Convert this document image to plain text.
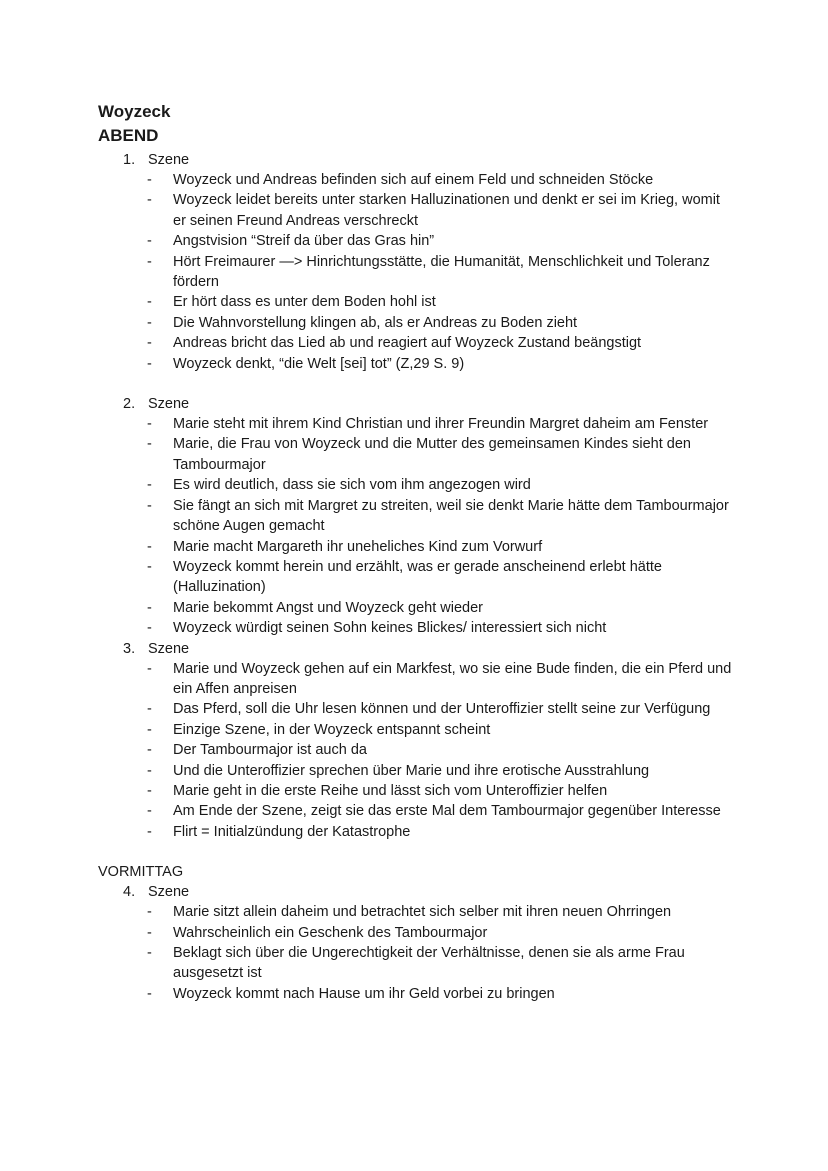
Woyzeck
ABEND
1. Szene
- Woyzeck und Andreas befinden sich auf einem Feld und schneiden Stöcke
- Woyzeck leidet bereits unter starken Halluzinationen und denkt er sei im Krieg, womit er seinen Freund Andreas verschreckt
- Angstvision “Streif da über das Gras hin”
- Hört Freimaurer —> Hinrichtungsstätte, die Humanität, Menschlichkeit und Toleranz fördern
- Er hört dass es unter dem Boden hohl ist
- Die Wahnvorstellung klingen ab, als er Andreas zu Boden zieht
- Andreas bricht das Lied ab und reagiert auf Woyzeck Zustand beängstigt
- Woyzeck denkt, “die Welt [sei] tot” (Z,29 S. 9)
2. Szene
- Marie steht mit ihrem Kind Christian und ihrer Freundin Margret daheim am Fenster
- Marie, die Frau von Woyzeck und die Mutter des gemeinsamen Kindes sieht den Tambourmajor
- Es wird deutlich, dass sie sich vom ihm angezogen wird
- Sie fängt an sich mit Margret zu streiten, weil sie denkt Marie hätte dem Tambourmajor schöne Augen gemacht
- Marie macht Margareth ihr uneheliches Kind zum Vorwurf
- Woyzeck kommt herein und erzählt, was er gerade anscheinend erlebt hätte (Halluzination)
- Marie bekommt Angst und Woyzeck geht wieder
- Woyzeck würdigt seinen Sohn keines Blickes/ interessiert sich nicht
3. Szene
- Marie und Woyzeck gehen auf ein Markfest, wo sie eine Bude finden, die ein Pferd und ein Affen anpreisen
- Das Pferd, soll die Uhr lesen können und der Unteroffizier stellt seine zur Verfügung
- Einzige Szene, in der Woyzeck entspannt scheint
- Der Tambourmajor ist auch da
- Und die Unteroffizier sprechen über Marie und ihre erotische Ausstrahlung
- Marie geht in die erste Reihe und lässt sich vom Unteroffizier helfen
- Am Ende der Szene, zeigt sie das erste Mal dem Tambourmajor gegenüber Interesse
- Flirt = Initialzündung der Katastrophe
VORMITTAG
4. Szene
- Marie sitzt allein daheim und betrachtet sich selber mit ihren neuen Ohrringen
- Wahrscheinlich ein Geschenk des Tambourmajor
- Beklagt sich über die Ungerechtigkeit der Verhältnisse, denen sie als arme Frau ausgesetzt ist
- Woyzeck kommt nach Hause um ihr Geld vorbei zu bringen
